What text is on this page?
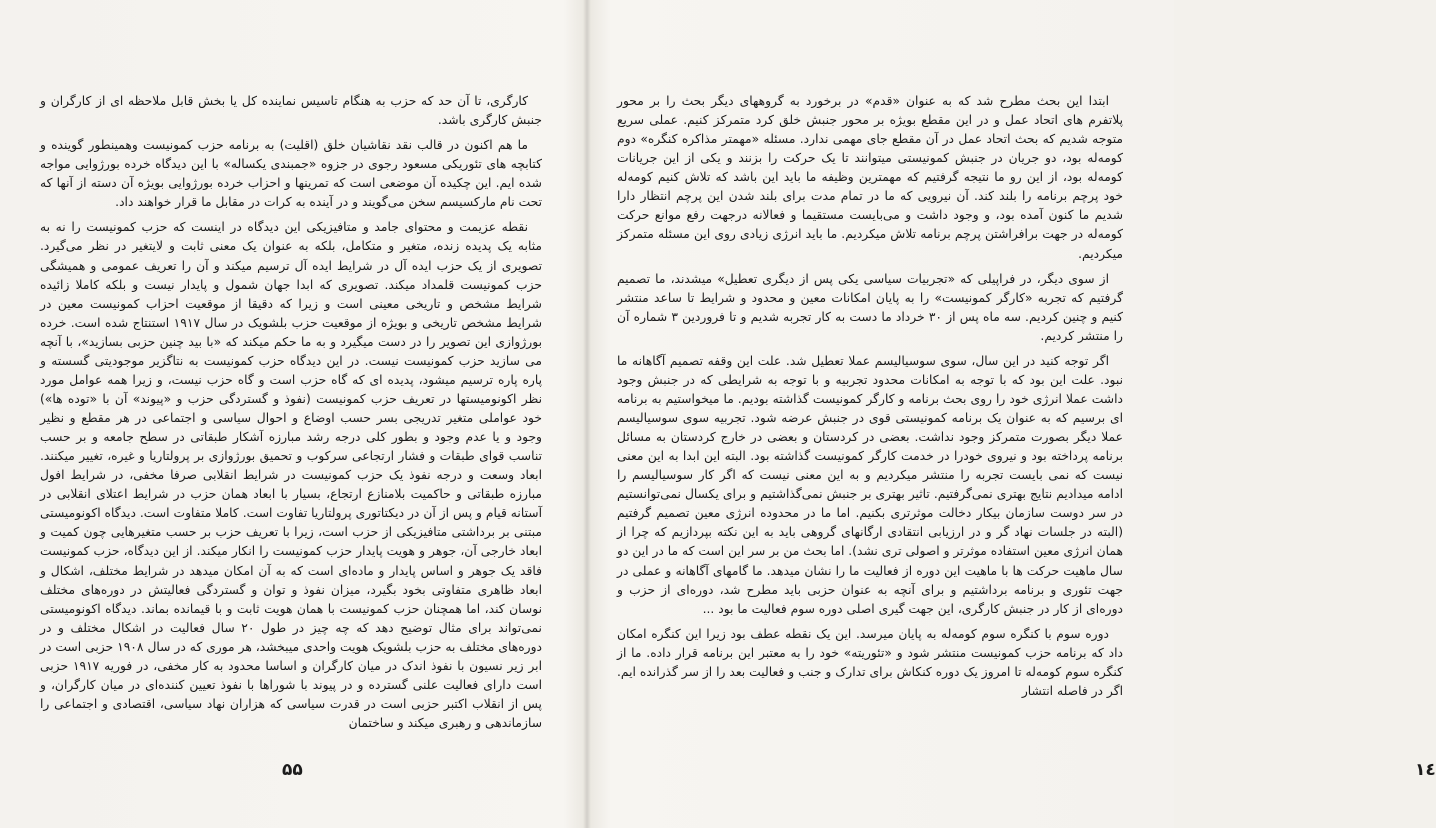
کارگری، تا آن حد که حزب به هنگام تاسیس نماینده کل یا بخش قابل ملاحظه ای از کارگران و جنبش کارگری باشد.

ما هم اکنون در قالب نقد نقاشیان خلق (اقلیت) به برنامه حزب کمونیست وهمینطور گوینده و کتابچه های تئوریکی مسعود رجوی در جزوه «جمبندی یکساله» با این دیدگاه خرده بورژوایی مواجه شده ایم. این چکیده آن موضعی است که تمرینها و احزاب خرده بورژوایی بویژه آن دسته از آنها که تحت نام مارکسیسم سخن می‌گویند و در آینده به کرات در مقابل ما قرار خواهند داد.

نقطه عزیمت و محتوای جامد و متافیزیکی این دیدگاه در اینست که حزب کمونیست را نه به مثابه یک پدیده زنده، متغیر و متکامل، بلکه به عنوان یک معنی ثابت و لایتغیر در نظر می‌گیرد. تصویری از یک حزب ایده آل در شرایط ایده آل ترسیم میکند و آن را تعریف عمومی و همیشگی حزب کمونیست قلمداد میکند. تصویری که ابدا جهان شمول و پایدار نیست و بلکه کاملا زائیده شرایط مشخص و تاریخی معینی است و زیرا که دقیقا از موقعیت احزاب کمونیست معین در شرایط مشخص تاریخی و بویژه از موقعیت حزب بلشویک در سال ۱۹۱۷ استنتاج شده است. خرده بورژوازی این تصویر را در دست میگیرد و به ما حکم میکند که «با بید چنین حزبی بسازید»، با آنچه می سازید حزب کمونیست نیست. در این دیدگاه حزب کمونیست به نتاگزیر موجودیتی گسسته و پاره پاره ترسیم میشود، پدیده ای که گاه حزب است و گاه حزب نیست، و زیرا همه عوامل مورد نظر اکونومیستها در تعریف حزب کمونیست (نفوذ و گستردگی حزب و «پیوند» آن با «توده ها») خود عواملی متغیر تدریجی بسر حسب اوضاع و احوال سیاسی و اجتماعی در هر مقطع و نظیر وجود و یا عدم وجود و بطور کلی درجه رشد مبارزه آشکار طبقاتی در سطح جامعه و بر حسب تناسب قوای طبقات و فشار ارتجاعی سرکوب و تحمیق بورژوازی بر پرولتاریا و غیره، تغییر میکنند. ابعاد وسعت و درجه نفوذ یک حزب کمونیست در شرایط انقلابی صرفا مخفی، در شرایط افول مبارزه طبقاتی و حاکمیت بلامنازع ارتجاع، بسیار با ابعاد همان حزب در شرایط اعتلای انقلابی در آستانه قیام و پس از آن در دیکتاتوری پرولتاریا تفاوت است. کاملا متفاوت است. دیدگاه اکونومیستی مبتنی بر برداشتی متافیزیکی از حزب است، زیرا با تعریف حزب بر حسب متغیرهایی چون کمیت و ابعاد خارجی آن، جوهر و هویت پایدار حزب کمونیست را انکار میکند. از این دیدگاه، حزب کمونیست فاقد یک جوهر و اساس پایدار و ماده‌ای است که به آن امکان میدهد در شرایط مختلف، اشکال و ابعاد ظاهری متفاوتی بخود بگیرد، میزان نفوذ و توان و گستردگی فعالیتش در دوره‌های مختلف نوسان کند، اما همچنان حزب کمونیست با همان هویت ثابت و با قیمانده بماند. دیدگاه اکونومیستی نمی‌تواند برای مثال توضیح دهد که چه چیز در طول ۲۰ سال فعالیت در اشکال مختلف و در دوره‌های مختلف به حزب بلشویک هویت واحدی میبخشد، هر موری که در سال ۱۹۰۸ حزبی است در ابر زیر نسیون با نفوذ اندک در میان کارگران و اساسا محدود به کار مخفی، در فوریه ۱۹۱۷ حزبی است دارای فعالیت علنی گسترده و در پیوند با شوراها با نفوذ تعیین کننده‌ای در میان کارگران، و پس از انقلاب اکتبر حزبی است در قدرت سیاسی که هزاران نهاد سیاسی، اقتصادی و اجتماعی را سازماندهی و رهبری میکند و ساختمان

۵۵

ابتدا این بحث مطرح شد که به عنوان «قدم» در برخورد به گروههای دیگر بحث را بر محور پلاتفرم های اتحاد عمل و در این مقطع بویژه بر محور جنبش خلق کرد متمرکز کنیم. عملی سریع متوجه شدیم که بحث اتحاد عمل در آن مقطع جای مهمی ندارد. مسئله «مهمتر مذاکره کنگره» دوم کومه‌له بود، دو جریان در جنبش کمونیستی میتوانند تا یک حرکت را بزنند و یکی از این جریانات کومه‌له بود، از این رو ما نتیجه گرفتیم که مهمترین وظیفه ما باید این باشد که تلاش کنیم کومه‌له خود پرچم برنامه را بلند کند. آن نیرویی که ما در تمام مدت برای بلند شدن این پرچم انتظار دارا شدیم ما کنون آمده بود، و وجود داشت و می‌بایست مستقیما و فعالانه درجهت رفع موانع حرکت کومه‌له در جهت برافراشتن پرچم برنامه تلاش میکردیم. ما باید انرژی زیادی روی این مسئله متمرکز میکردیم.

از سوی دیگر، در فراپیلی که «تجربیات سیاسی یکی پس از دیگری تعطیل» میشدند، ما تصمیم گرفتیم که تجربه «کارگر کمونیست» را به پایان امکانات معین و محدود و شرایط تا ساعد منتشر کنیم و چنین کردیم. سه ماه پس از ۳۰ خرداد ما دست به کار تجربه شدیم و تا فروردین ۳ شماره آن را منتشر کردیم.

اگر توجه کنید در این سال، سوی سوسیالیسم عملا تعطیل شد. علت این وقفه تصمیم آگاهانه ما نبود. علت این بود که با توجه به امکانات محدود تجربیه و با توجه به شرایطی که در جنبش وجود داشت عملا انرژی خود را روی بحث برنامه و کارگر کمونیست گذاشته بودیم. ما میخواستیم به برنامه ای برسیم که به عنوان یک برنامه کمونیستی قوی در جنبش عرضه شود. تجربیه سوی سوسیالیسم عملا دیگر بصورت متمرکز وجود نداشت. بعضی در کردستان و بعضی در خارج کردستان به مسائل برنامه پرداخته بود و نیروی خودرا در خدمت کارگر کمونیست گذاشته بود. البته این ابدا به این معنی نیست که نمی بایست تجربه را منتشر میکردیم و به این معنی نیست که اگر کار سوسیالیسم را ادامه میدادیم نتایج بهتری نمی‌گرفتیم. تاثیر بهتری بر جنبش نمی‌گذاشتیم و برای یکسال نمی‌توانستیم در سر دوست سازمان بیکار دخالت موثرتری بکنیم. اما ما در محدوده انرژی معین تصمیم گرفتیم (البته در جلسات نهاد گر و در ارزیابی انتقادی ارگانهای گروهی باید به این نکته بپردازیم که چرا از همان انرژی معین استفاده موثرتر و اصولی تری نشد). اما بحث من بر سر این است که ما در این دو سال ماهیت حرکت ها با ماهیت این دوره از فعالیت ما را نشان میدهد. ما گامهای آگاهانه و عملی در جهت تئوری و برنامه برداشتیم و برای آنچه به عنوان حزبی باید مطرح شد، دوره‌ای از حزب و دوره‌ای از کار در جنبش کارگری، این جهت گیری اصلی دوره سوم فعالیت ما بود ...

دوره سوم با کنگره سوم کومه‌له به پایان میرسد. این یک نقطه عطف بود زیرا این کنگره امکان داد که برنامه حزب کمونیست منتشر شود و «تئوریته» خود را به معتبر این برنامه قرار داده. ما از کنگره سوم کومه‌له تا امروز یک دوره کنکاش برای تدارک و جنب و فعالیت بعد را از سر گذرانده ایم. اگر در فاصله انتشار

۱٤
